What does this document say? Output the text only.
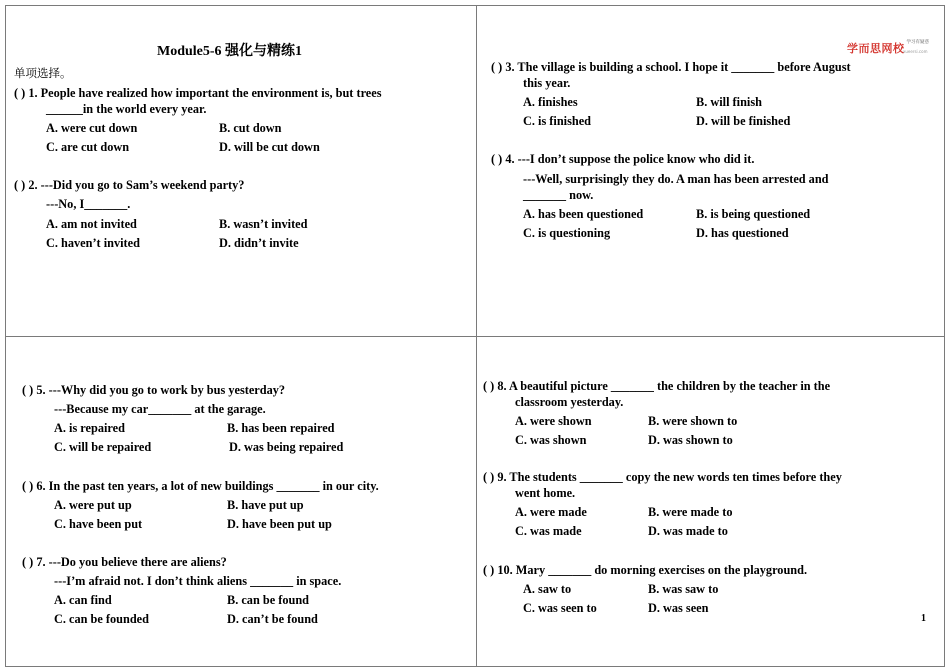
Module5-6 强化与精练1
单项选择。
( ) 1. People have realized how important the environment is, but trees
______in the world every year.
A. were cut down	B. cut down
C. are cut down	D. will be cut down
( ) 2. ---Did you go to Sam’s weekend party?
---No, I_______.
A. am not invited	B. wasn’t invited
C. haven’t invited	D. didn’t invite
学而思网校 $^{学习有疑惑}$
xueersi.com
( ) 3. The village is building a school. I hope it _______ before August
this year.
A. finishes	B. will finish
C. is finished	D. will be finished
( ) 4. ---I don’t suppose the police know who did it.
---Well, surprisingly they do. A man has been arrested and
_______ now.
A. has been questioned	B. is being questioned
C. is questioning	D. has questioned
( ) 5. ---Why did you go to work by bus yesterday?
---Because my car_______ at the garage.
A. is repaired	B. has been repaired
C. will be repaired	D. was being repaired
( ) 6. In the past ten years, a lot of new buildings _______ in our city.
A. were put up	B. have put up
C. have been put	D. have been put up
( ) 7. ---Do you believe there are aliens?
---I’m afraid not. I don’t think aliens _______ in space.
A. can find	B. can be found
C. can be founded	D. can’t be found
( ) 8. A beautiful picture _______ the children by the teacher in the
classroom yesterday.
A. were shown	B. were shown to
C. was shown	D. was shown to
( ) 9. The students _______ copy the new words ten times before they
went home.
A. were made	B. were made to
C. was made	D. was made to
( ) 10. Mary _______ do morning exercises on the playground.
A. saw to	B. was saw to
C. was seen to	D. was seen
1
